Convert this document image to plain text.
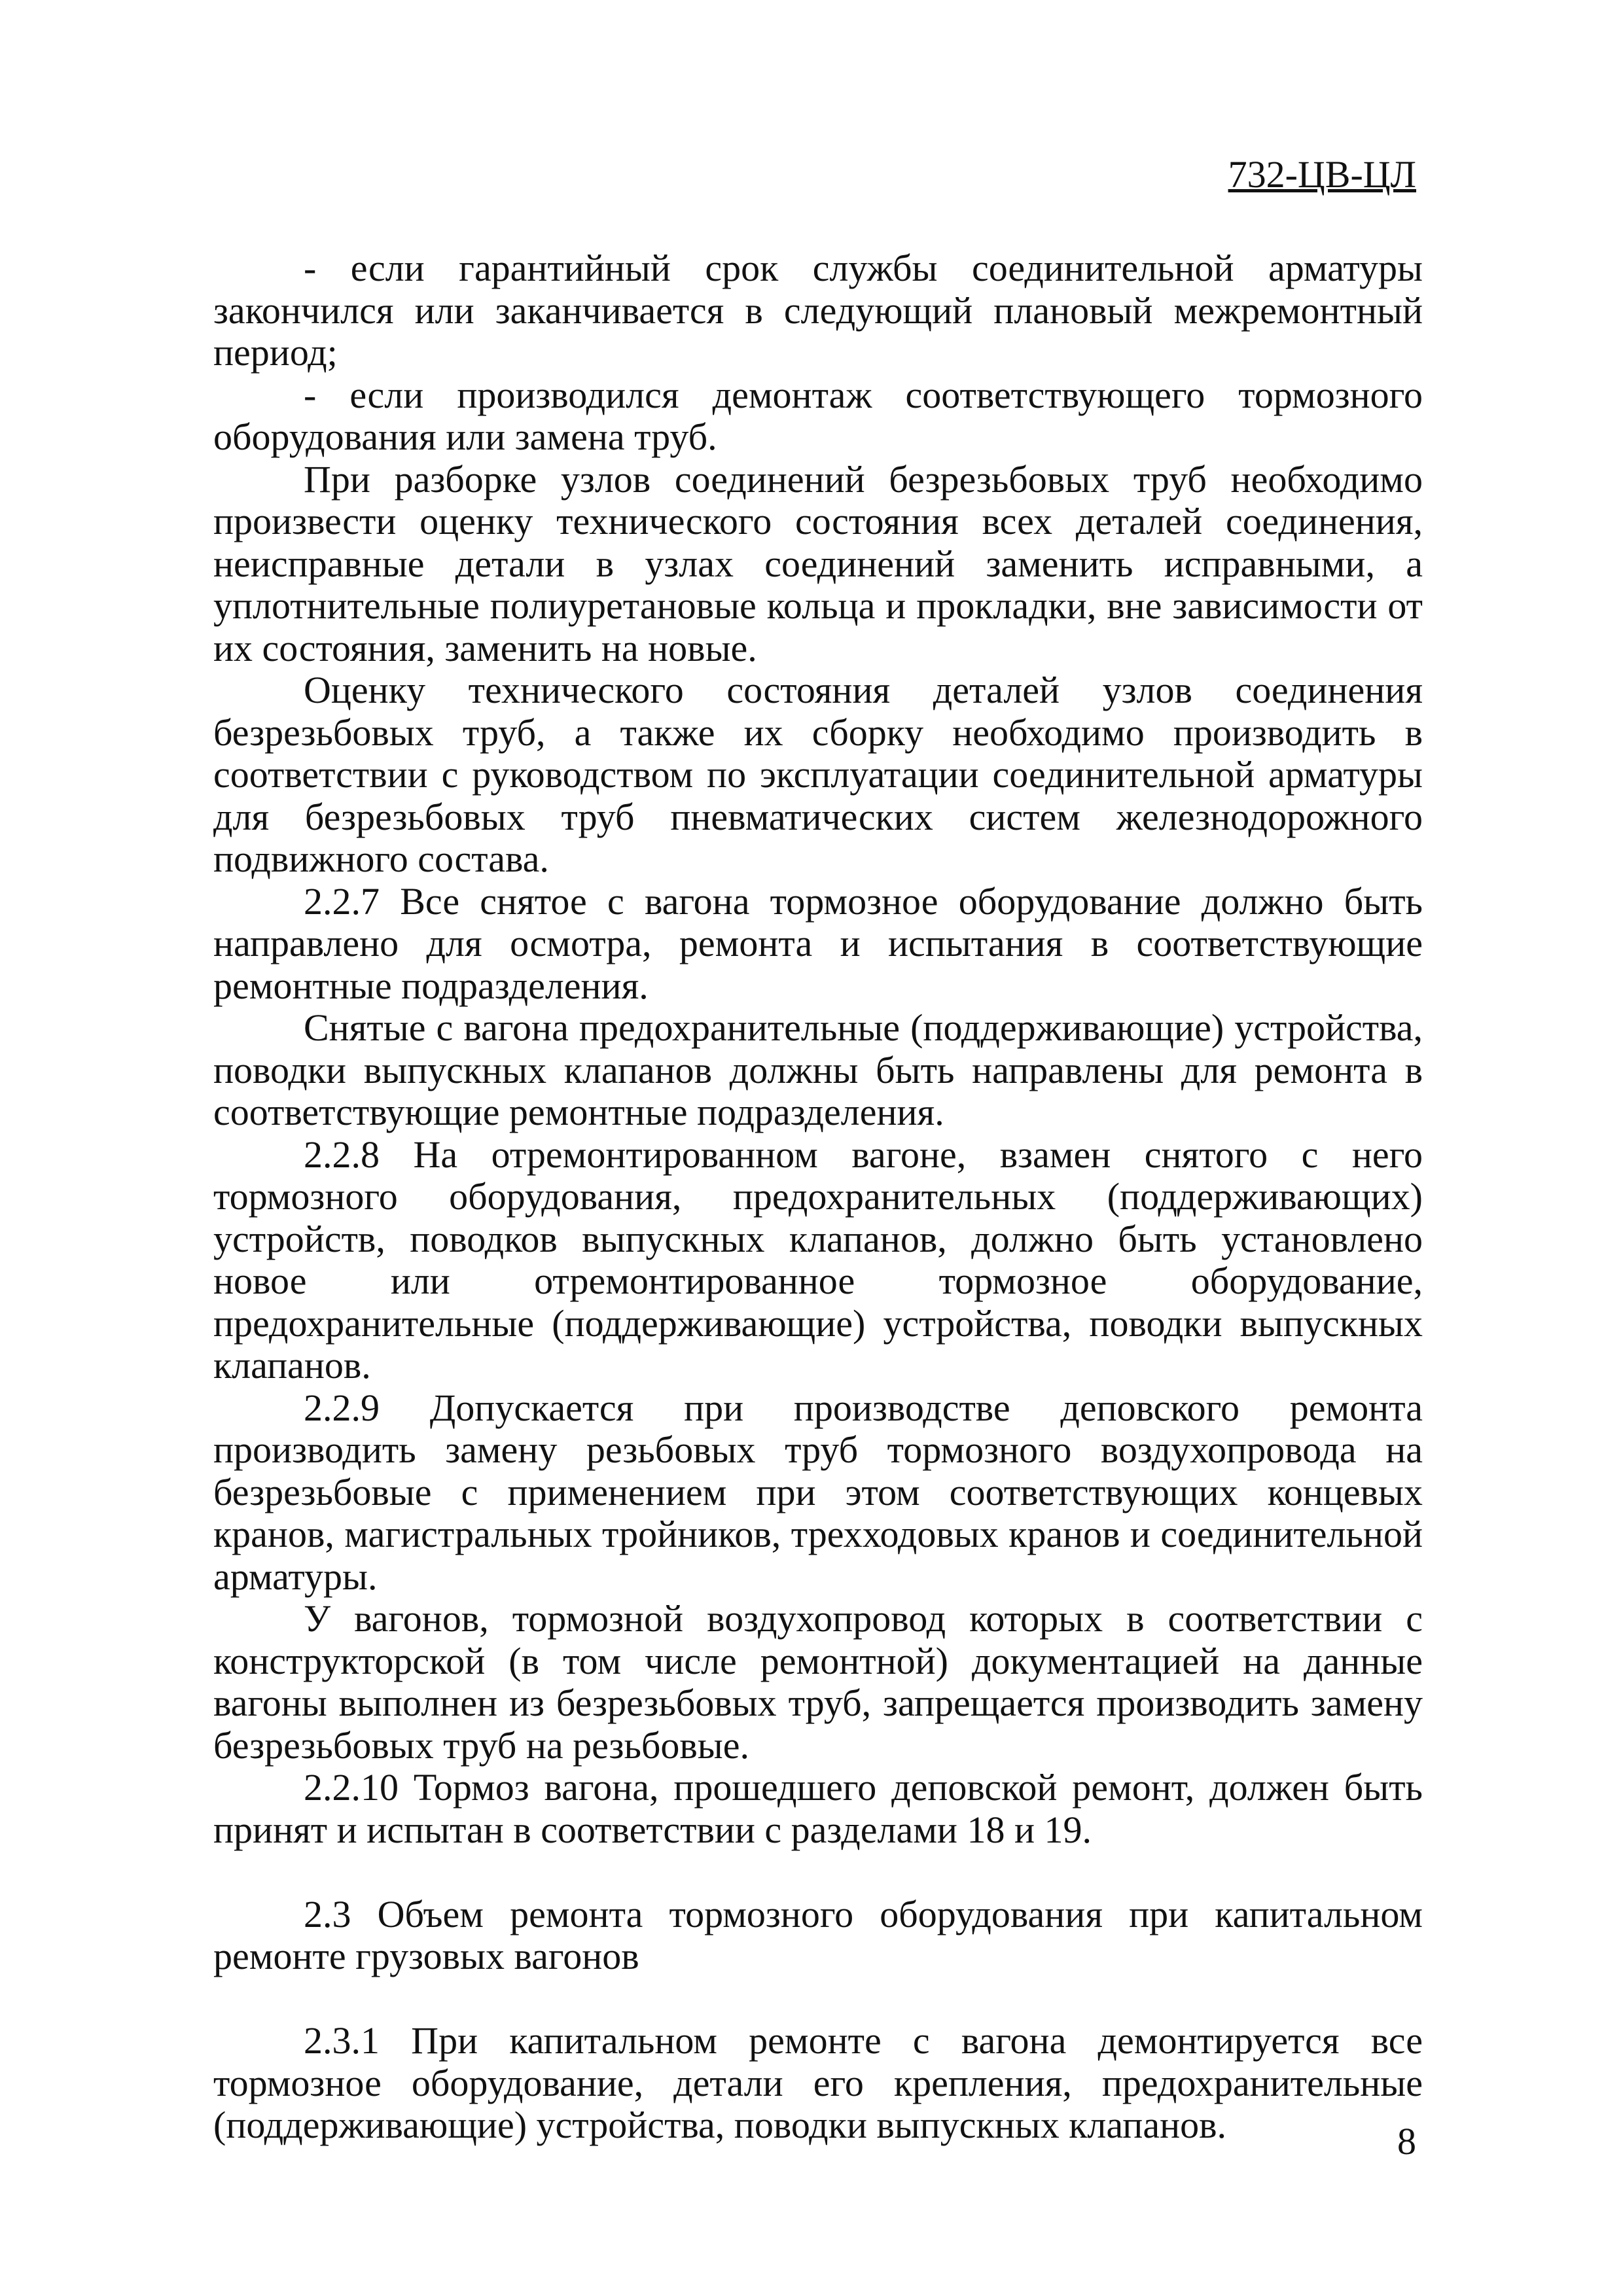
732-ЦВ-ЦЛ

- если гарантийный срок службы соединительной арматуры закончился или заканчивается в следующий плановый межремонтный период;

- если производился демонтаж соответствующего тормозного оборудования или замена труб.

При разборке узлов соединений безрезьбовых труб необходимо произвести оценку технического состояния всех деталей соединения, неисправные детали в узлах соединений заменить исправными, а уплотнительные полиуретановые кольца и прокладки, вне зависимости от их состояния, заменить на новые.

Оценку технического состояния деталей узлов соединения безрезьбовых труб, а также их сборку необходимо производить в соответствии с руководством по эксплуатации соединительной арматуры для безрезьбовых труб пневматических систем железнодорожного подвижного состава.

2.2.7 Все снятое с вагона тормозное оборудование должно быть направлено для осмотра, ремонта и испытания в соответствующие ремонтные подразделения.

Снятые с вагона предохранительные (поддерживающие) устройства, поводки выпускных клапанов должны быть направлены для ремонта в соответствующие ремонтные подразделения.

2.2.8 На отремонтированном вагоне, взамен снятого с него тормозного оборудования, предохранительных (поддерживающих) устройств, поводков выпускных клапанов, должно быть установлено новое или отремонтированное тормозное оборудование, предохранительные (поддерживающие) устройства, поводки выпускных клапанов.

2.2.9 Допускается при производстве деповского ремонта производить замену резьбовых труб тормозного воздухопровода на безрезьбовые с применением при этом соответствующих концевых кранов, магистральных тройников, трехходовых кранов и соединительной арматуры.

У вагонов, тормозной воздухопровод которых в соответствии с конструкторской (в том числе ремонтной) документацией на данные вагоны выполнен из безрезьбовых труб, запрещается производить замену безрезьбовых труб на резьбовые.

2.2.10 Тормоз вагона, прошедшего деповской ремонт, должен быть принят и испытан в соответствии с разделами 18 и 19.

2.3 Объем ремонта тормозного оборудования при капитальном ремонте грузовых вагонов

2.3.1 При капитальном ремонте с вагона демонтируется все тормозное оборудование, детали его крепления, предохранительные (поддерживающие) устройства, поводки выпускных клапанов.	8
